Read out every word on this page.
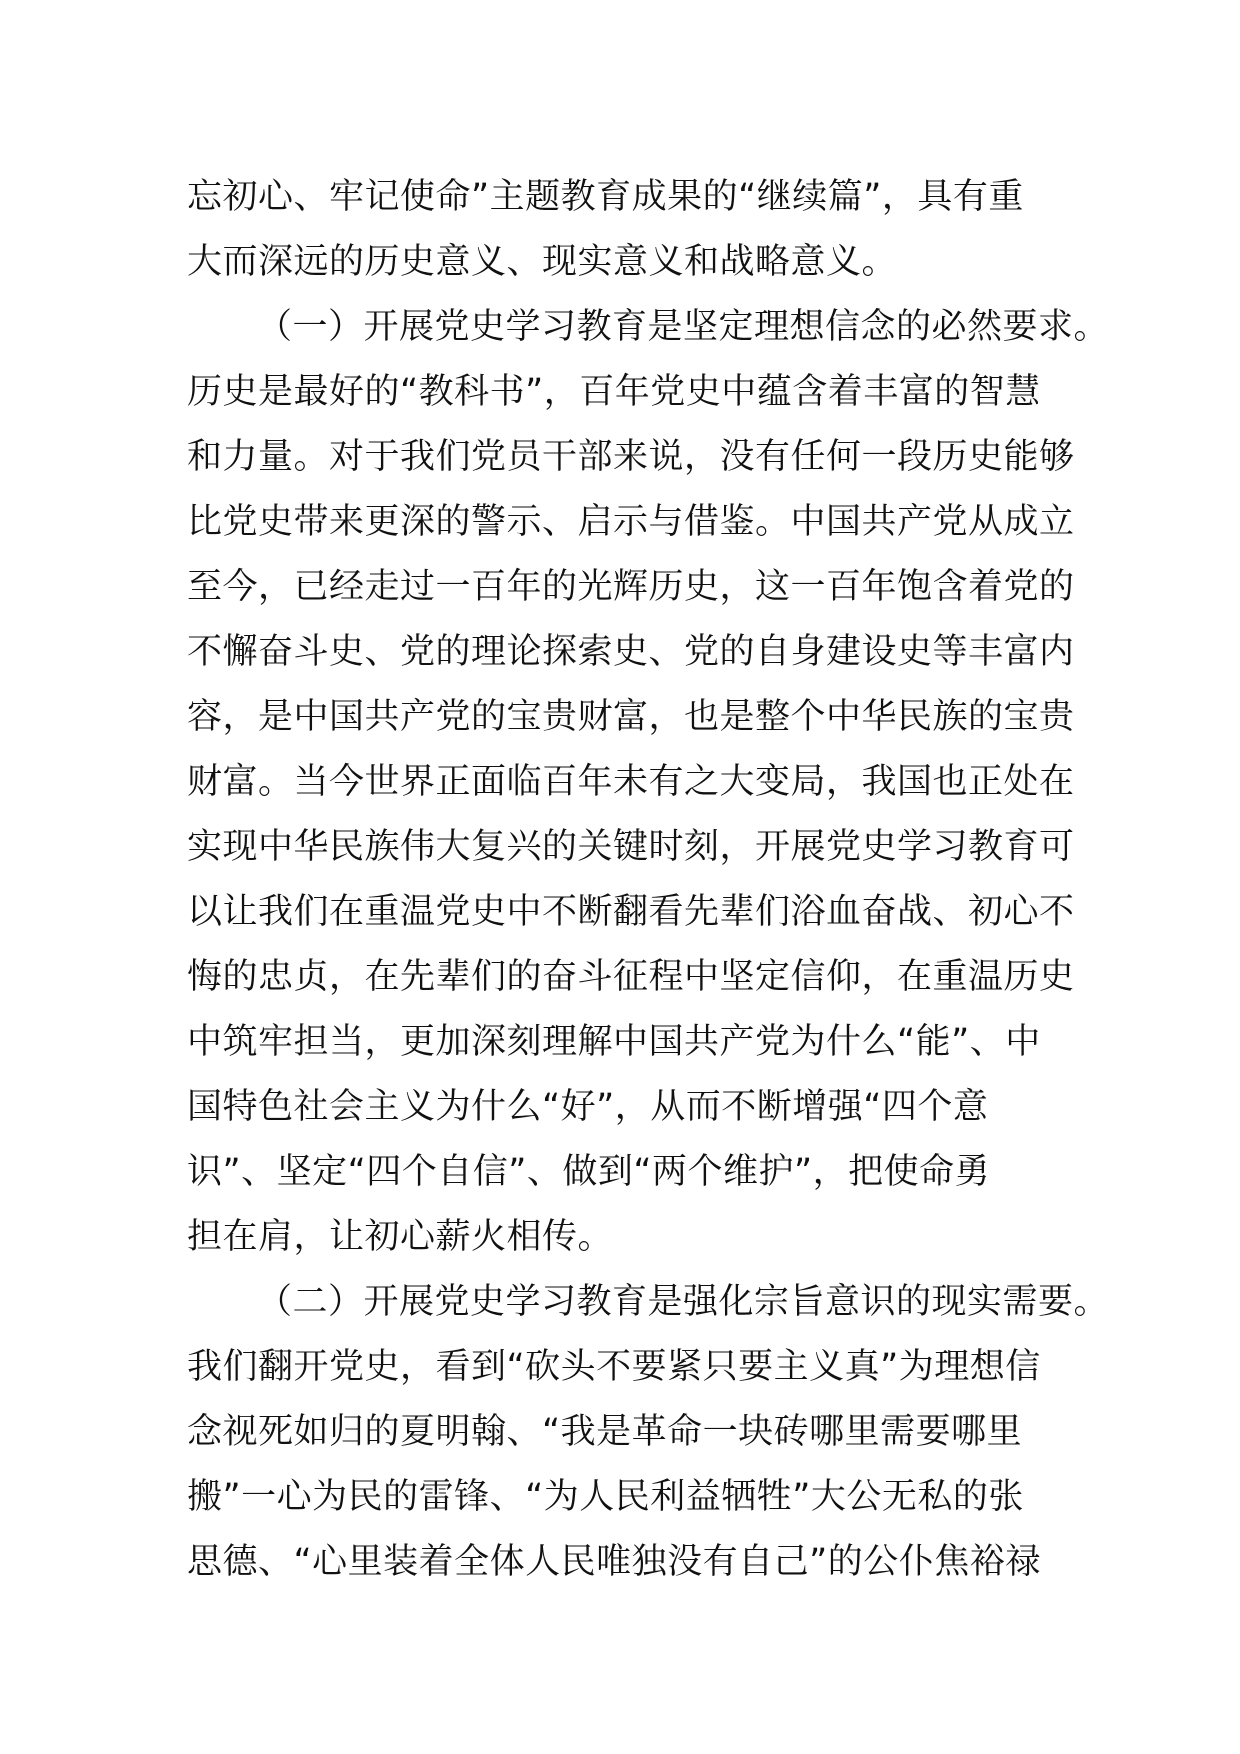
忘初心、牢记使命”主题教育成果的“继续篇”，具有重
大而深远的历史意义、现实意义和战略意义。
（一）开展党史学习教育是坚定理想信念的必然要求。
历史是最好的“教科书”，百年党史中蕴含着丰富的智慧
和力量。对于我们党员干部来说，没有任何一段历史能够
比党史带来更深的警示、启示与借鉴。中国共产党从成立
至今，已经走过一百年的光辉历史，这一百年饱含着党的
不懈奋斗史、党的理论探索史、党的自身建设史等丰富内
容，是中国共产党的宝贵财富，也是整个中华民族的宝贵
财富。当今世界正面临百年未有之大变局，我国也正处在
实现中华民族伟大复兴的关键时刻，开展党史学习教育可
以让我们在重温党史中不断翻看先辈们浴血奋战、初心不
悔的忠贞，在先辈们的奋斗征程中坚定信仰，在重温历史
中筑牢担当，更加深刻理解中国共产党为什么“能”、中
国特色社会主义为什么“好”，从而不断增强“四个意
识”、坚定“四个自信”、做到“两个维护”，把使命勇
担在肩，让初心薪火相传。
（二）开展党史学习教育是强化宗旨意识的现实需要。
我们翻开党史，看到“砍头不要紧只要主义真”为理想信
念视死如归的夏明翰、“我是革命一块砖哪里需要哪里
搬”一心为民的雷锋、“为人民利益牺牲”大公无私的张
思德、“心里装着全体人民唯独没有自己”的公仆焦裕禄
